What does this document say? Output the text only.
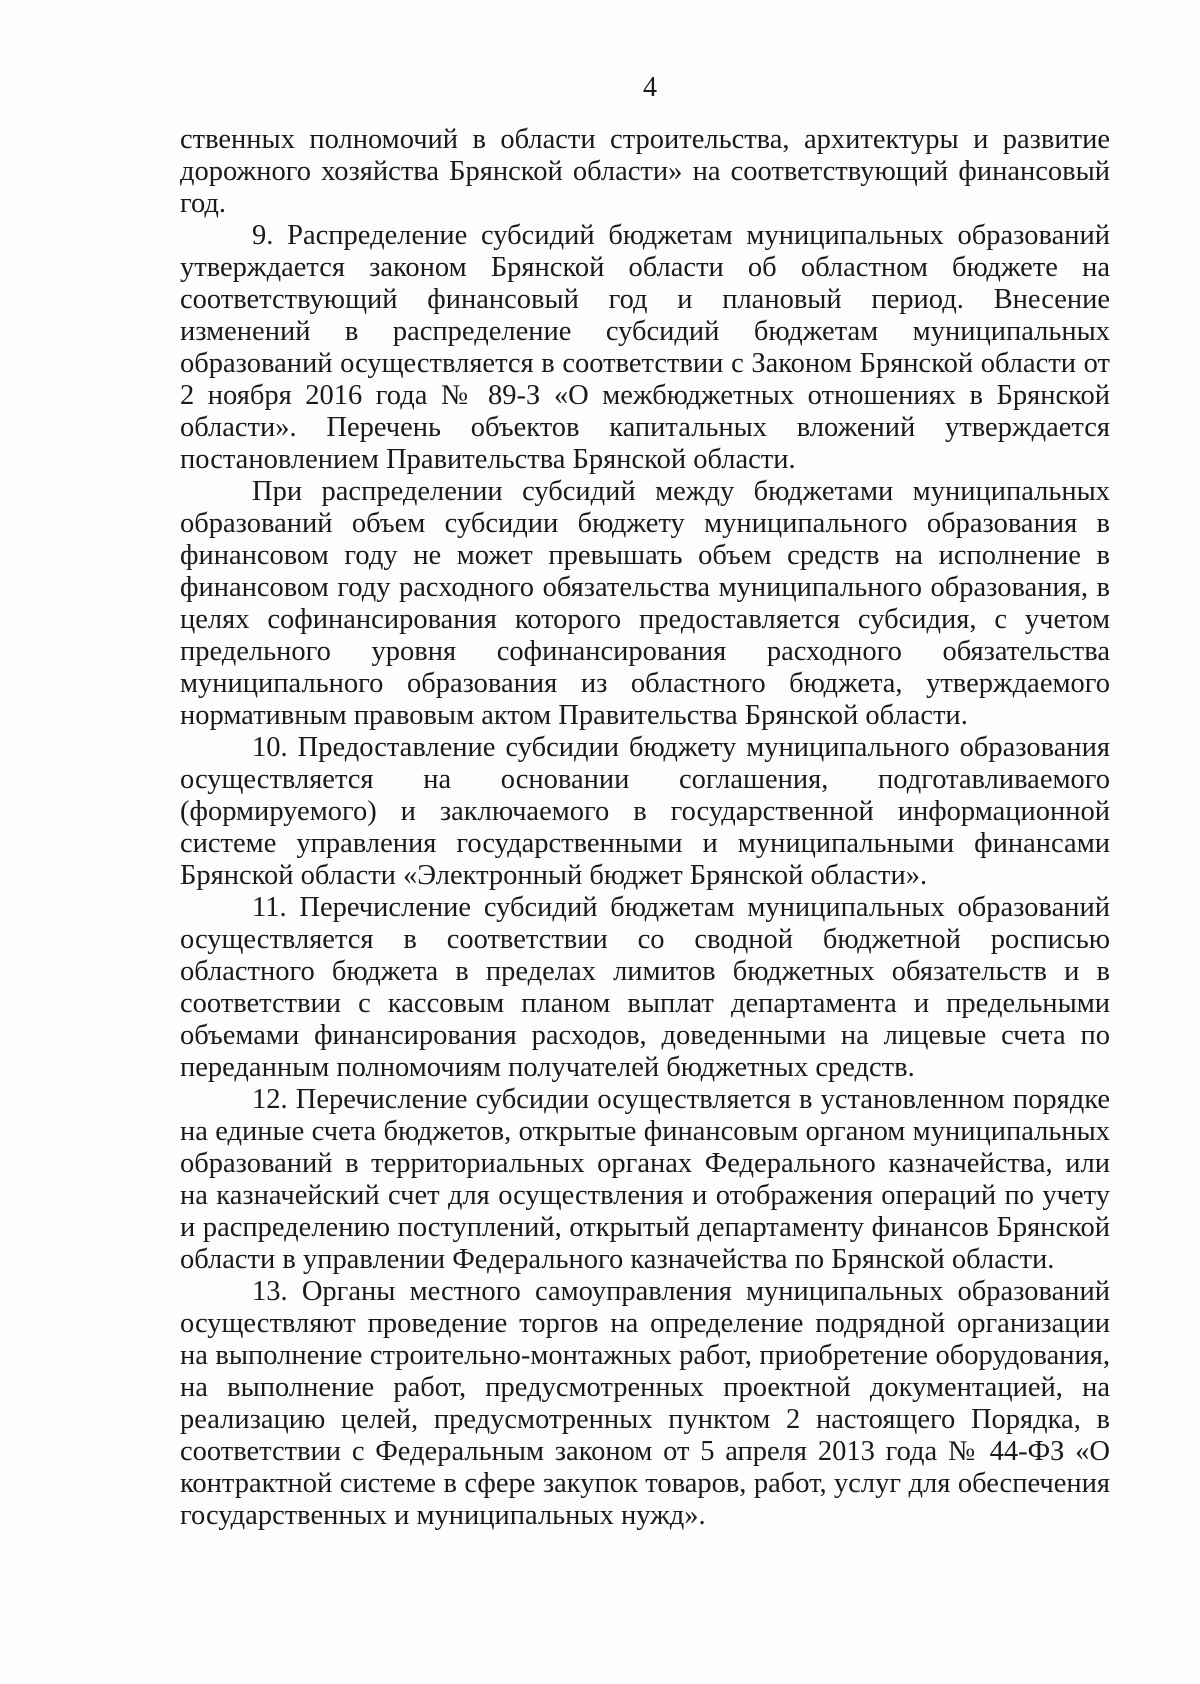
4

ственных полномочий в области строительства, архитектуры и развитие дорожного хозяйства Брянской области» на соответствующий финансовый год.

9. Распределение субсидий бюджетам муниципальных образований утверждается законом Брянской области об областном бюджете на соответствующий финансовый год и плановый период. Внесение изменений в распределение субсидий бюджетам муниципальных образований осуществляется в соответствии с Законом Брянской области от 2 ноября 2016 года № 89-З «О межбюджетных отношениях в Брянской области». Перечень объектов капитальных вложений утверждается постановлением Правительства Брянской области.

При распределении субсидий между бюджетами муниципальных образований объем субсидии бюджету муниципального образования в финансовом году не может превышать объем средств на исполнение в финансовом году расходного обязательства муниципального образования, в целях софинансирования которого предоставляется субсидия, с учетом предельного уровня софинансирования расходного обязательства муниципального образования из областного бюджета, утверждаемого нормативным правовым актом Правительства Брянской области.

10. Предоставление субсидии бюджету муниципального образования осуществляется на основании соглашения, подготавливаемого (формируемого) и заключаемого в государственной информационной системе управления государственными и муниципальными финансами Брянской области «Электронный бюджет Брянской области».

11. Перечисление субсидий бюджетам муниципальных образований осуществляется в соответствии со сводной бюджетной росписью областного бюджета в пределах лимитов бюджетных обязательств и в соответствии с кассовым планом выплат департамента и предельными объемами финансирования расходов, доведенными на лицевые счета по переданным полномочиям получателей бюджетных средств.

12. Перечисление субсидии осуществляется в установленном порядке на единые счета бюджетов, открытые финансовым органом муниципальных образований в территориальных органах Федерального казначейства, или на казначейский счет для осуществления и отображения операций по учету и распределению поступлений, открытый департаменту финансов Брянской области в управлении Федерального казначейства по Брянской области.

13. Органы местного самоуправления муниципальных образований осуществляют проведение торгов на определение подрядной организации на выполнение строительно-монтажных работ, приобретение оборудования, на выполнение работ, предусмотренных проектной документацией, на реализацию целей, предусмотренных пунктом 2 настоящего Порядка, в соответствии с Федеральным законом от 5 апреля 2013 года № 44-ФЗ «О контрактной системе в сфере закупок товаров, работ, услуг для обеспечения государственных и муниципальных нужд».
